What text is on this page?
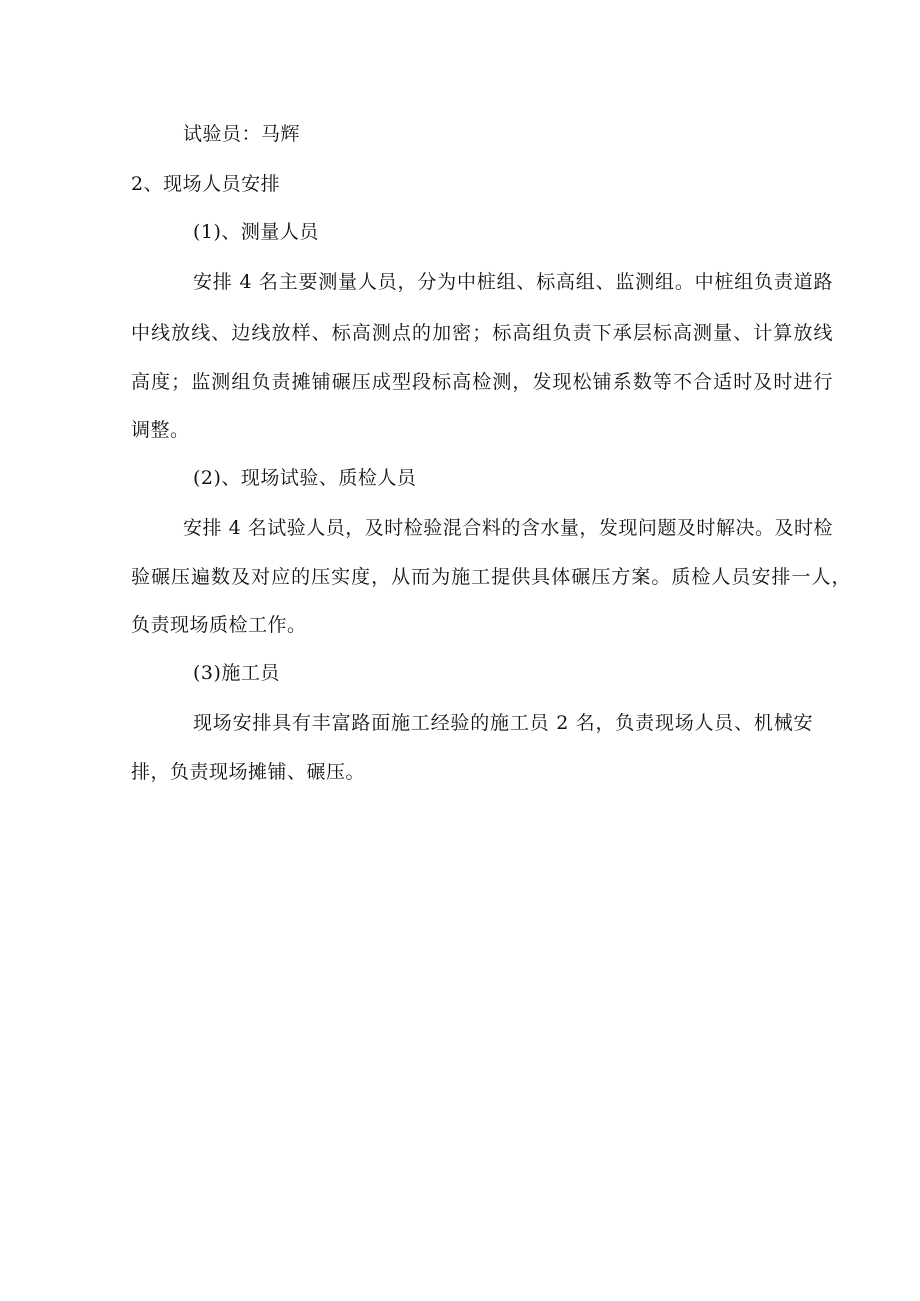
试验员：马辉

2、现场人员安排

(1)、测量人员

安排 4 名主要测量人员，分为中桩组、标高组、监测组。中桩组负责道路

中线放线、边线放样、标高测点的加密；标高组负责下承层标高测量、计算放线

高度；监测组负责摊铺碾压成型段标高检测，发现松铺系数等不合适时及时进行

调整。

(2)、现场试验、质检人员

安排 4 名试验人员，及时检验混合料的含水量，发现问题及时解决。及时检

验碾压遍数及对应的压实度，从而为施工提供具体碾压方案。质检人员安排一人，

负责现场质检工作。

(3)施工员

现场安排具有丰富路面施工经验的施工员 2 名，负责现场人员、机械安

排，负责现场摊铺、碾压。
